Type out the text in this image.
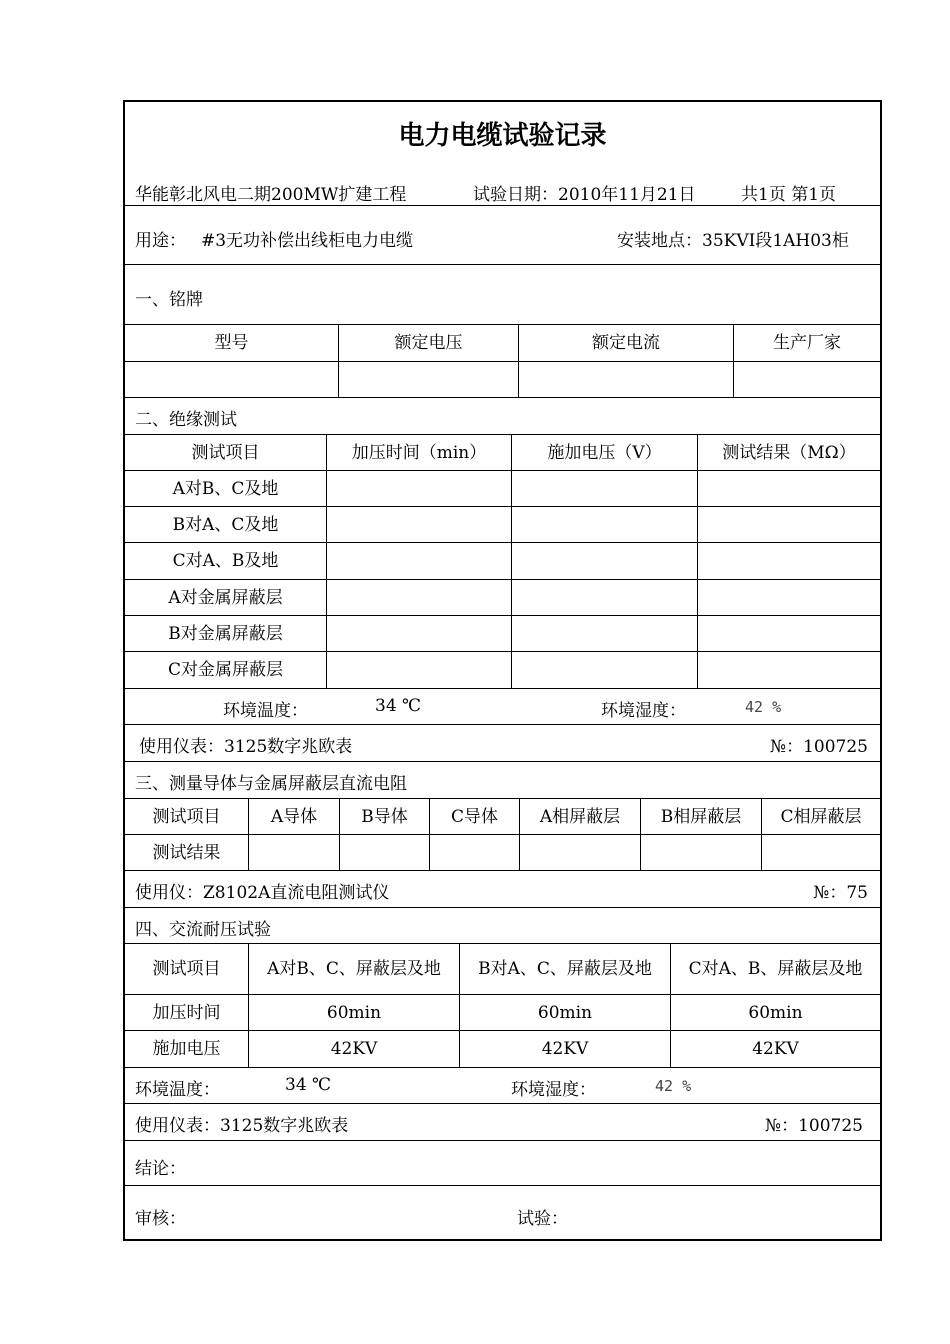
电力电缆试验记录
华能彰北风电二期200MW扩建工程	试验日期：2010年11月21日	共1页 第1页
用途： #3无功补偿出线柜电力电缆	安装地点：35KVI段1AH03柜
一、铭牌
型号	额定电压	额定电流	生产厂家
二、绝缘测试
测试项目	加压时间（min）	施加电压（V）	测试结果（MΩ）
A对B、C及地
B对A、C及地
C对A、B及地
A对金属屏蔽层
B对金属屏蔽层
C对金属屏蔽层
环境温度：	34 ℃	环境湿度：	42 %
使用仪表：3125数字兆欧表	№：100725
三、测量导体与金属屏蔽层直流电阻
测试项目	A导体	B导体	C导体	A相屏蔽层	B相屏蔽层	C相屏蔽层
测试结果
使用仪：Z8102A直流电阻测试仪	№：75
四、交流耐压试验
测试项目	A对B、C、屏蔽层及地	B对A、C、屏蔽层及地	C对A、B、屏蔽层及地
加压时间	60min	60min	60min
施加电压	42KV	42KV	42KV
环境温度：	34 ℃	环境湿度：	42 %
使用仪表：3125数字兆欧表	№：100725
结论：
审核：	试验：
